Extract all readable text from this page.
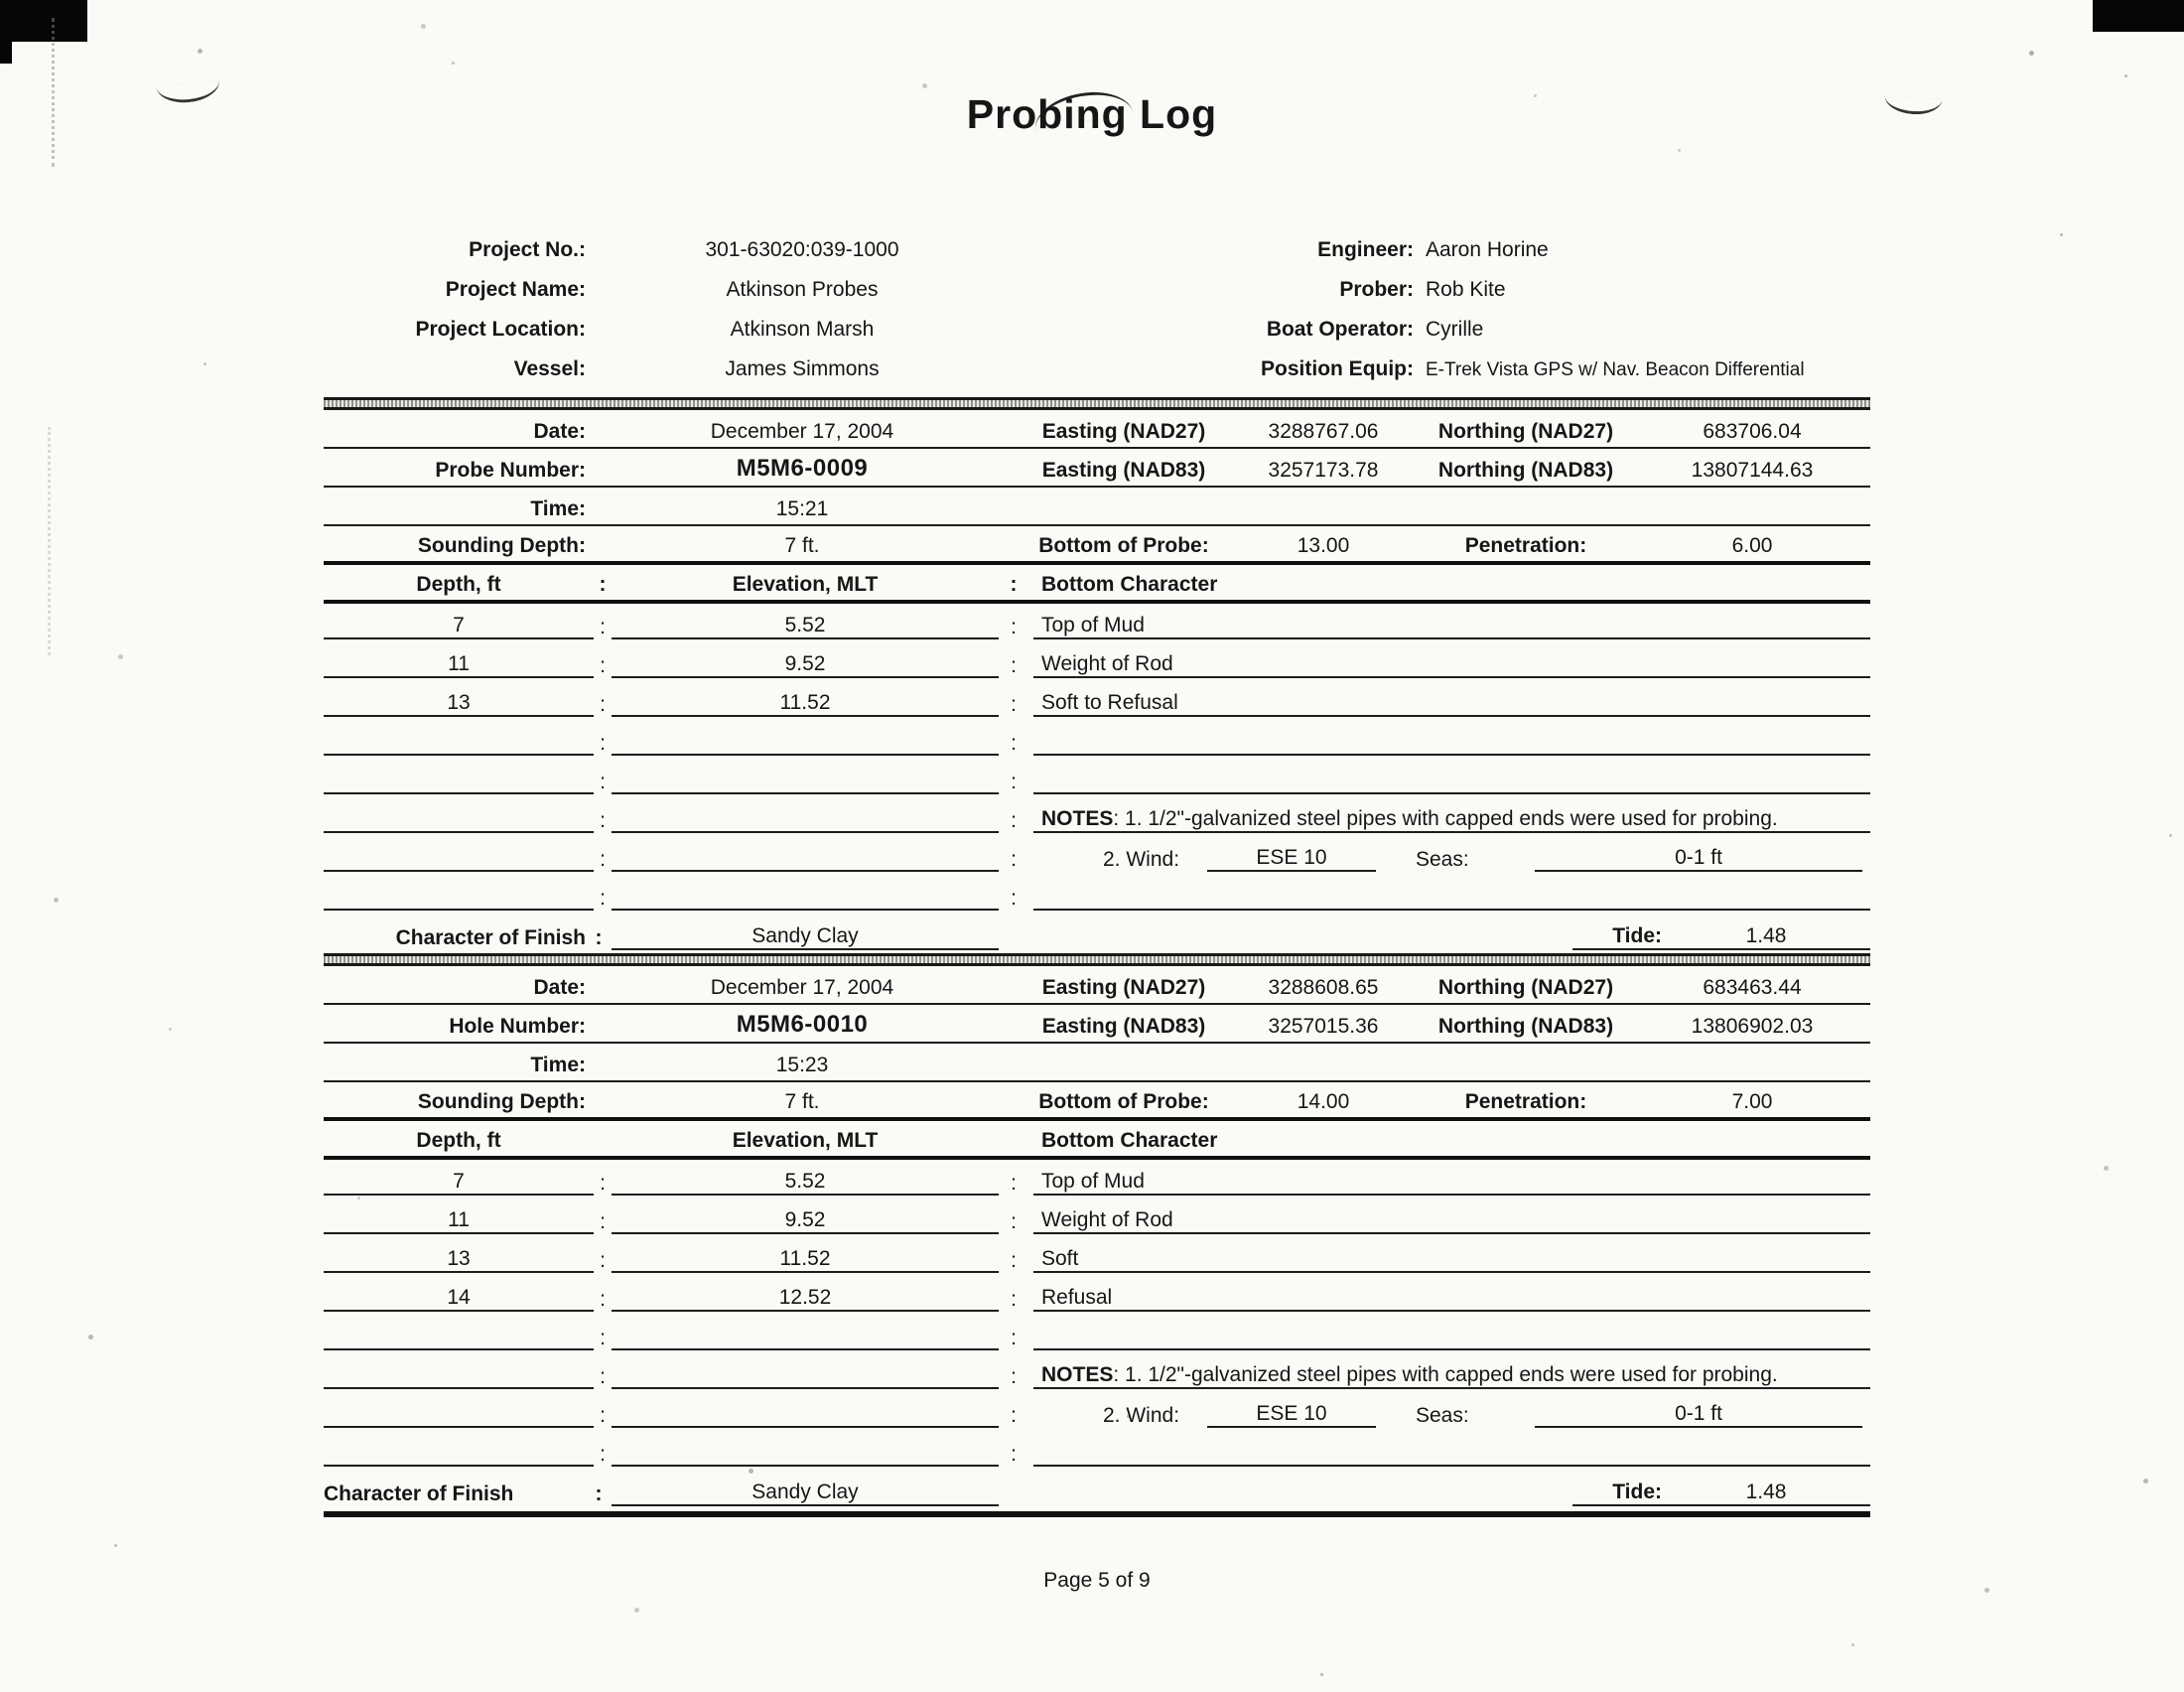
Probing Log
Project No.:	301-63020:039-1000	Engineer: Aaron Horine
Project Name:	Atkinson Probes	Prober: Rob Kite
Project Location:	Atkinson Marsh	Boat Operator: Cyrille
Vessel:	James Simmons	Position Equip: E-Trek Vista GPS w/ Nav. Beacon Differential
Date:	December 17, 2004	Easting (NAD27)	3288767.06	Northing (NAD27)	683706.04
Probe Number:	M5M6-0009	Easting (NAD83)	3257173.78	Northing (NAD83)	13807144.63
Time:	15:21
Sounding Depth:	7 ft.	Bottom of Probe:	13.00	Penetration:	6.00
Depth, ft	:	Elevation, MLT	:	Bottom Character
7	:	5.52	:	Top of Mud
11	:	9.52	:	Weight of Rod
13	:	11.52	:	Soft to Refusal
:	:
:	:
:	:	NOTES: 1. 1/2"-galvanized steel pipes with capped ends were used for probing.
:	:	2. Wind:	ESE 10	Seas:	0-1 ft
:	:
Character of Finish :	Sandy Clay	Tide:	1.48
Date:	December 17, 2004	Easting (NAD27)	3288608.65	Northing (NAD27)	683463.44
Hole Number:	M5M6-0010	Easting (NAD83)	3257015.36	Northing (NAD83)	13806902.03
Time:	15:23
Sounding Depth:	7 ft.	Bottom of Probe:	14.00	Penetration:	7.00
Depth, ft	Elevation, MLT	Bottom Character
7	:	5.52	:	Top of Mud
11	:	9.52	:	Weight of Rod
13	:	11.52	:	Soft
14	:	12.52	:	Refusal
:	:
:	:	NOTES: 1. 1/2"-galvanized steel pipes with capped ends were used for probing.
:	:	2. Wind:	ESE 10	Seas:	0-1 ft
:	:
Character of Finish	:	Sandy Clay	Tide:	1.48
Page 5 of 9
